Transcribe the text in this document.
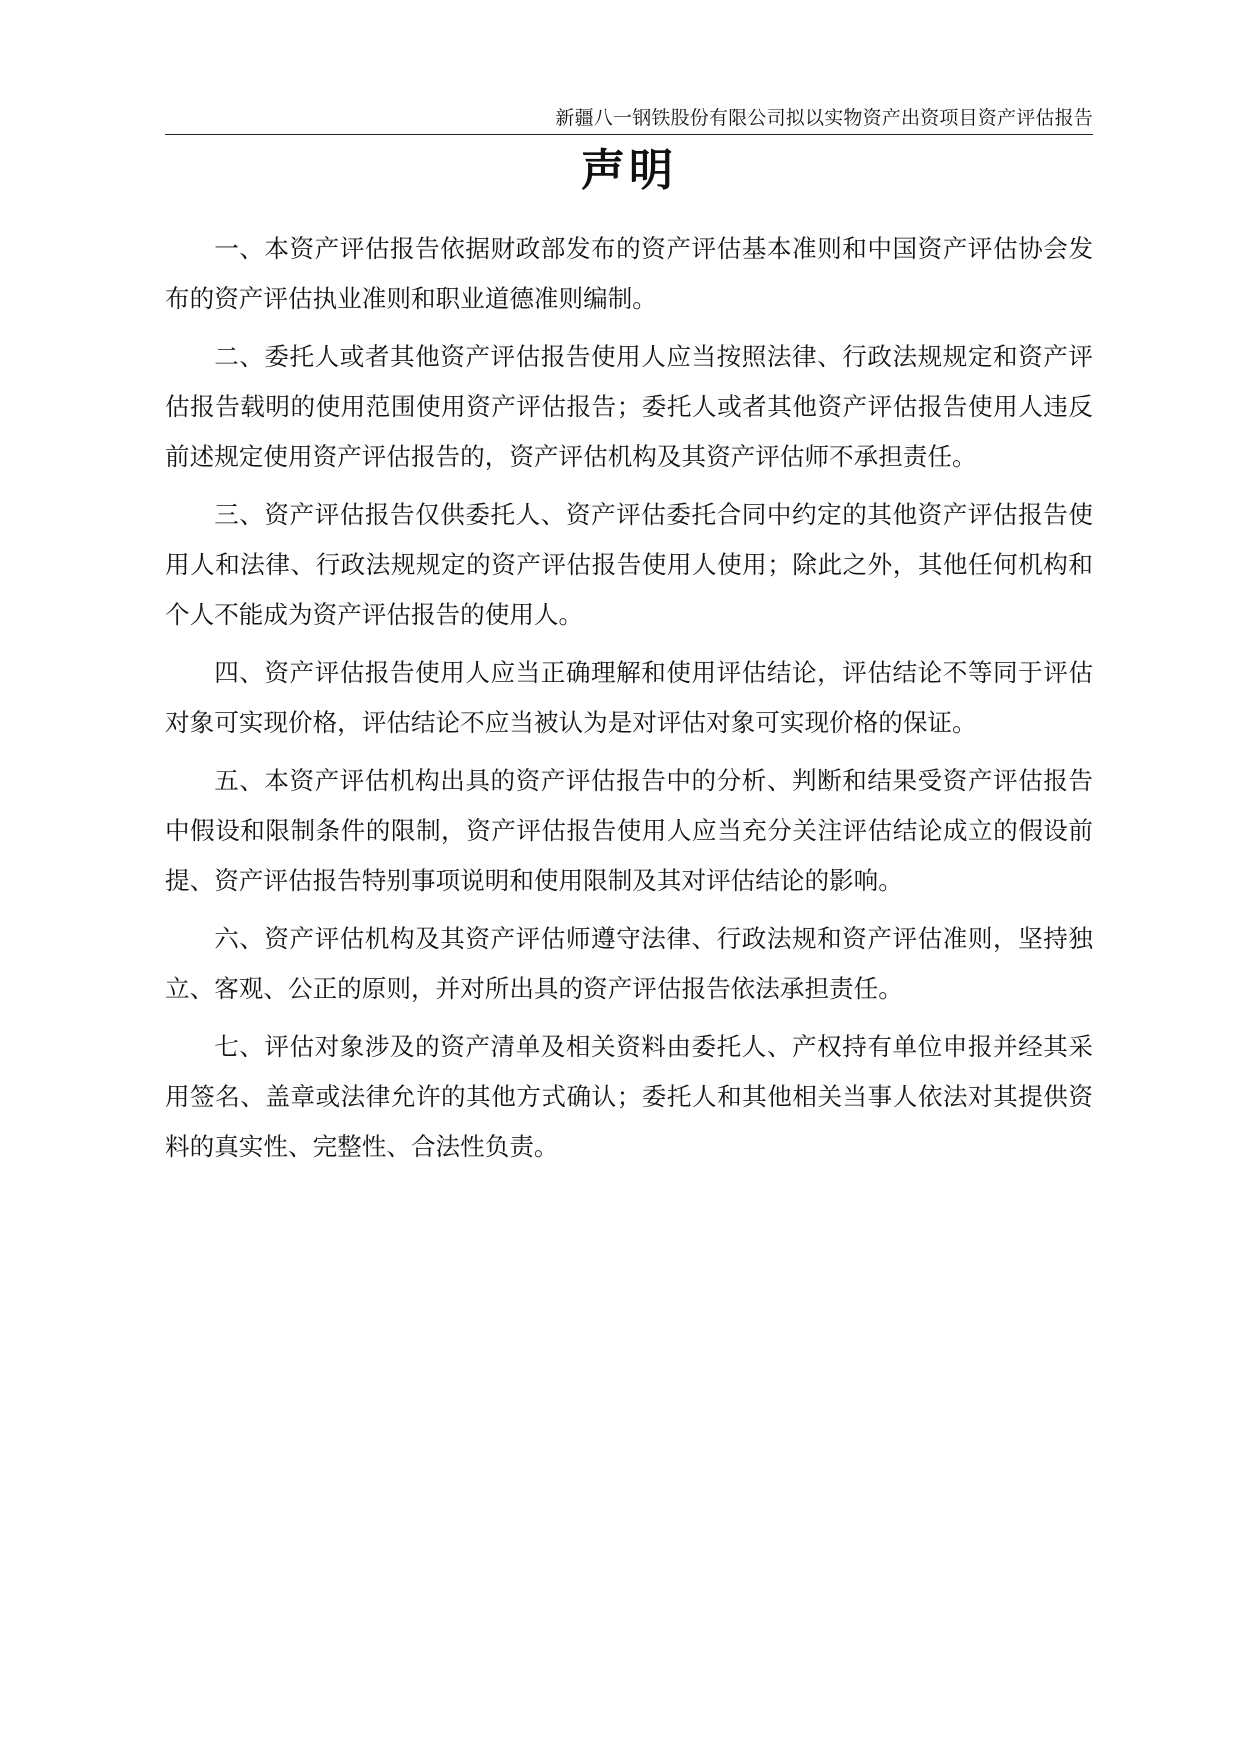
新疆八一钢铁股份有限公司拟以实物资产出资项目资产评估报告
声明

一、本资产评估报告依据财政部发布的资产评估基本准则和中国资产评估协会发布的资产评估执业准则和职业道德准则编制。

二、委托人或者其他资产评估报告使用人应当按照法律、行政法规规定和资产评估报告载明的使用范围使用资产评估报告；委托人或者其他资产评估报告使用人违反前述规定使用资产评估报告的，资产评估机构及其资产评估师不承担责任。

三、资产评估报告仅供委托人、资产评估委托合同中约定的其他资产评估报告使用人和法律、行政法规规定的资产评估报告使用人使用；除此之外，其他任何机构和个人不能成为资产评估报告的使用人。

四、资产评估报告使用人应当正确理解和使用评估结论，评估结论不等同于评估对象可实现价格，评估结论不应当被认为是对评估对象可实现价格的保证。

五、本资产评估机构出具的资产评估报告中的分析、判断和结果受资产评估报告中假设和限制条件的限制，资产评估报告使用人应当充分关注评估结论成立的假设前提、资产评估报告特别事项说明和使用限制及其对评估结论的影响。

六、资产评估机构及其资产评估师遵守法律、行政法规和资产评估准则，坚持独立、客观、公正的原则，并对所出具的资产评估报告依法承担责任。

七、评估对象涉及的资产清单及相关资料由委托人、产权持有单位申报并经其采用签名、盖章或法律允许的其他方式确认；委托人和其他相关当事人依法对其提供资料的真实性、完整性、合法性负责。
